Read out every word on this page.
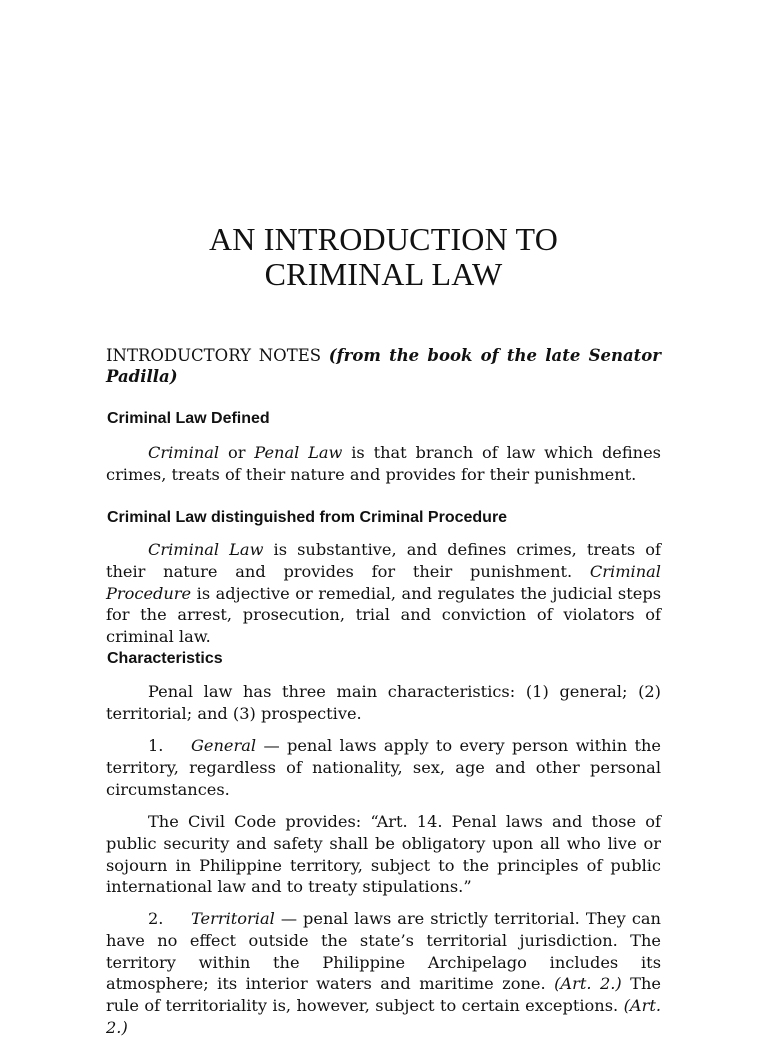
AN INTRODUCTION TO
CRIMINAL LAW
INTRODUCTORY NOTES (from the book of the late Senator Padilla)
Criminal Law Defined
Criminal or Penal Law is that branch of law which defines crimes, treats of their nature and provides for their punishment.
Criminal Law distinguished from Criminal Procedure
Criminal Law is substantive, and defines crimes, treats of their nature and provides for their punishment. Criminal Procedure is adjective or remedial, and regulates the judicial steps for the arrest, prosecution, trial and conviction of violators of criminal law.
Characteristics
Penal law has three main characteristics: (1) general; (2) territorial; and (3) prospective.
1. General — penal laws apply to every person within the territory, regardless of nationality, sex, age and other personal circumstances.
The Civil Code provides: “Art. 14. Penal laws and those of public security and safety shall be obligatory upon all who live or sojourn in Philippine territory, subject to the principles of public international law and to treaty stipulations.”
2. Territorial — penal laws are strictly territorial. They can have no effect outside the state’s territorial jurisdiction. The territory within the Philippine Archipelago includes its atmosphere; its interior waters and maritime zone. (Art. 2.) The rule of territoriality is, however, subject to certain exceptions. (Art. 2.)
